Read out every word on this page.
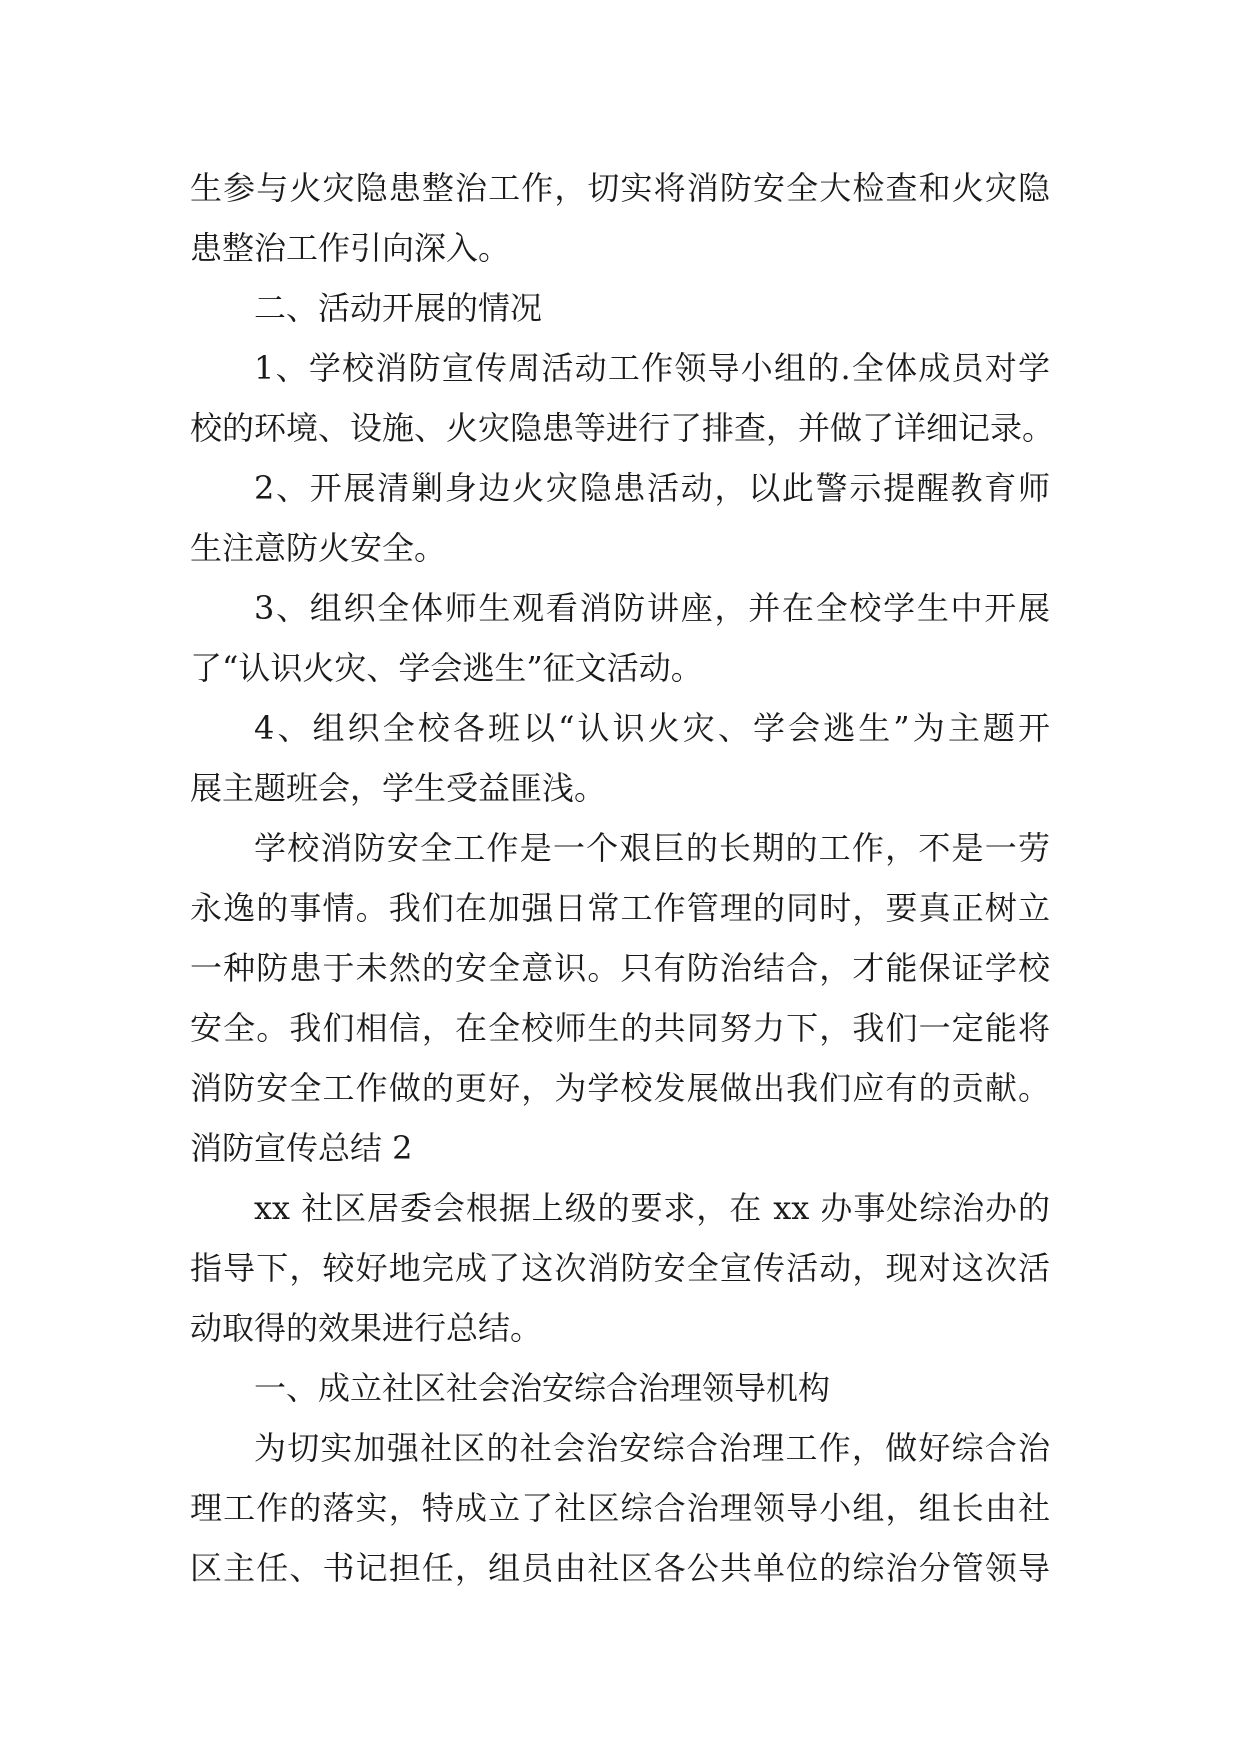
生参与火灾隐患整治工作，切实将消防安全大检查和火灾隐
患整治工作引向深入。
二、活动开展的情况
1、学校消防宣传周活动工作领导小组的.全体成员对学
校的环境、设施、火灾隐患等进行了排查，并做了详细记录。
2、开展清剿身边火灾隐患活动，以此警示提醒教育师
生注意防火安全。
3、组织全体师生观看消防讲座，并在全校学生中开展
了“认识火灾、学会逃生”征文活动。
4、组织全校各班以“认识火灾、学会逃生”为主题开
展主题班会，学生受益匪浅。
学校消防安全工作是一个艰巨的长期的工作，不是一劳
永逸的事情。我们在加强日常工作管理的同时，要真正树立
一种防患于未然的安全意识。只有防治结合，才能保证学校
安全。我们相信，在全校师生的共同努力下，我们一定能将
消防安全工作做的更好，为学校发展做出我们应有的贡献。
消防宣传总结 2
xx 社区居委会根据上级的要求，在 xx 办事处综治办的
指导下，较好地完成了这次消防安全宣传活动，现对这次活
动取得的效果进行总结。
一、成立社区社会治安综合治理领导机构
为切实加强社区的社会治安综合治理工作，做好综合治
理工作的落实，特成立了社区综合治理领导小组，组长由社
区主任、书记担任，组员由社区各公共单位的综治分管领导
